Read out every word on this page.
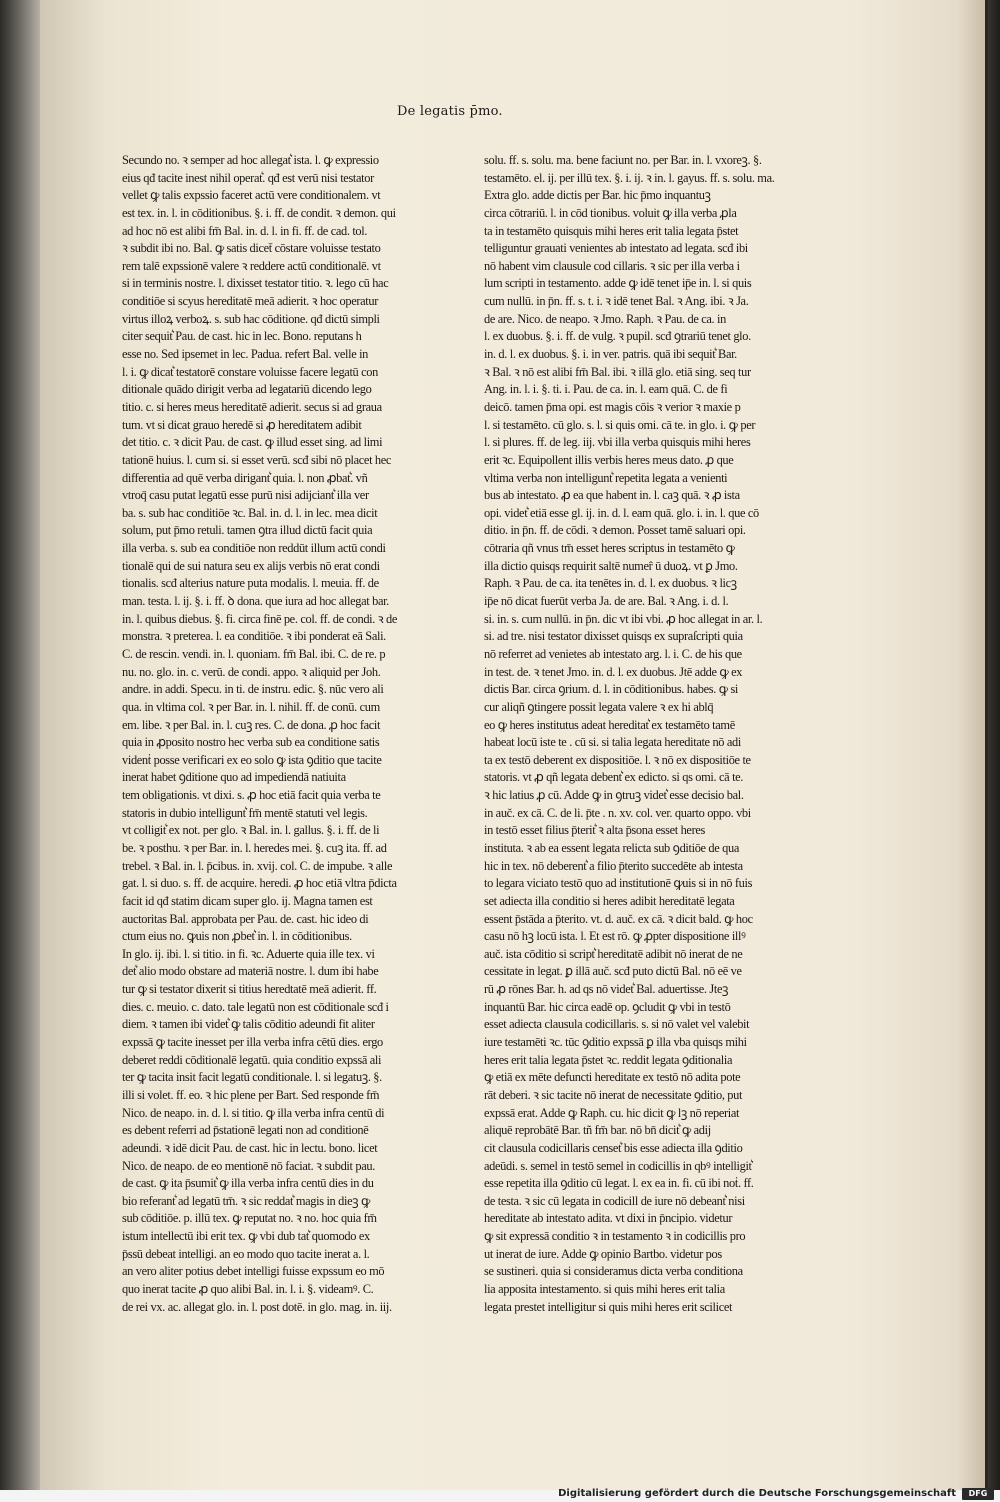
De legatis p̄mo.
Secundo no. ꝛ semper ad hoc allegat͛ ista. l. ꝙ expressio
eius qđ tacite inest nihil operat͛. qđ est verū nisi testator
vellet ꝙ talis expssio faceret actū vere conditionalem. vt
est tex. in. l. in cōditionibus. §. i. ff. de condit. ꝛ demon. qui
ad hoc nō est alibi fm̄ Bal. in. d. l. in fi. ff. de cad. tol.
ꝛ subdit ibi no. Bal. ꝙ satis dicet̄ cōstare voluisse testato
rem talē expssionē valere ꝛ reddere actū conditionalē. vt
si in terminis nostre. l. dixisset testator titio. ꝛ. lego cū hac
conditiōe si scyus hereditatē meā adierit. ꝛ hoc operatur
virtus illoꝝ verboꝝ. s. sub hac cōditione. qđ dictū simpli
citer sequit͛ Pau. de cast. hic in lec. Bono. reputans h
esse no. Sed ipsemet in lec. Padua. refert Bal. velle in
l. i. ꝙ dicat͛ testatorē constare voluisse facere legatū con
ditionale quādo dirigit verba ad legatariū dicendo lego
titio. c. si heres meus hereditatē adierit. secus si ad graua
tum. vt si dicat grauo heredē si ꝓ hereditatem adibit
det titio. c. ꝛ dicit Pau. de cast. ꝙ illud esset sing. ad limi
tationē huius. l. cum si. si esset verū. scđ sibi nō placet hec
differentia ad quē verba dirigant͛ quia. l. non ꝓbat͛. vñ
vtroq̄ casu putat legatū esse purū nisi adijciant͛ illa ver
ba. s. sub hac conditiōe ꝛc. Bal. in. d. l. in lec. mea dicit
solum, put p̄mo retuli. tamen ꝯtra illud dictū facit quia
illa verba. s. sub ea conditiōe non reddūt illum actū condi
tionalē qui de sui natura seu ex alijs verbis nō erat condi
tionalis. scđ alterius nature puta modalis. l. meuia. ff. de
man. testa. l. ij. §. i. ff. ꝺ dona. que iura ad hoc allegat bar.
in. l. quibus diebus. §. fi. circa finē pe. col. ff. de condi. ꝛ de
monstra. ꝛ preterea. l. ea conditiōe. ꝛ ibi ponderat eā Sali.
C. de rescin. vendi. in. l. quoniam. fm̄ Bal. ibi. C. de re. p
nu. no. glo. in. c. verū. de condi. appo. ꝛ aliquid per Joh.
andre. in addi. Specu. in ti. de instru. edic. §. nūc vero ali
qua. in vltima col. ꝛ per Bar. in. l. nihil. ff. de conū. cum
em. libe. ꝛ per Bal. in. l. cuꝫ res. C. de dona. ꝓ hoc facit
quia in ꝓposito nostro hec verba sub ea conditione satis
videnṫ posse verificari ex eo solo ꝙ ista ꝯditio que tacite
inerat habet ꝯditione quo ad impediendā natiuita
tem obligationis. vt dixi. s. ꝓ hoc etiā facit quia verba te
statoris in dubio intelligunt͛ fm̄ mentē statuti vel legis.
vt colligit͛ ex not. per glo. ꝛ Bal. in. l. gallus. §. i. ff. de li
be. ꝛ posthu. ꝛ per Bar. in. l. heredes mei. §. cuꝫ ita. ff. ad
trebel. ꝛ Bal. in. l. p̄cibus. in. xvij. col. C. de impube. ꝛ alle
gat. l. si duo. s. ff. de acquire. heredi. ꝓ hoc etiā vltra p̄dicta
facit id qđ statim dicam super glo. ij. Magna tamen est
auctoritas Bal. approbata per Pau. de. cast. hic ideo di
ctum eius no. ꝙuis non ꝓbet͛ in. l. in cōditionibus.
In glo. ij. ibi. l. si titio. in fi. ꝛc. Aduerte quia ille tex. vi
det͛ alio modo obstare ad materiā nostre. l. dum ibi habe
tur ꝙ si testator dixerit si titius heredtatē meā adierit. ff.
dies. c. meuio. c. dato. tale legatū non est cōditionale scđ i
diem. ꝛ tamen ibi videt͛ ꝙ talis cōditio adeundi fit aliter
expssā ꝙ tacite inesset per illa verba infra cētū dies. ergo
deberet reddi cōditionalē legatū. quia conditio expssā ali
ter ꝙ tacita insit facit legatū conditionale. l. si legatuꝫ. §.
illi si volet. ff. eo. ꝛ hic plene per Bart. Sed responde fm̄
Nico. de neapo. in. d. l. si titio. ꝙ illa verba infra centū di
es debent referri ad p̄stationē legati non ad conditionē
adeundi. ꝛ idē dicit Pau. de cast. hic in lectu. bono. licet
Nico. de neapo. de eo mentionē nō faciat. ꝛ subdit pau.
de cast. ꝙ ita p̄sumit͛ ꝙ illa verba infra centū dies in du
bio referant͛ ad legatū tm̄. ꝛ sic reddat͛ magis in dieꝫ ꝙ
sub cōditiōe. p. illū tex. ꝙ reputat no. ꝛ no. hoc quia fm̄
istum intellectū ibi erit tex. ꝙ vbi dub tat͛ quomodo ex
p̄ssū debeat intelligi. an eo modo quo tacite inerat a. l.
an vero aliter potius debet intelligi fuisse expssum eo mō
quo inerat tacite ꝓ quo alibi Bal. in. l. i. §. videamꝰ. C.
de rei vx. ac. allegat glo. in. l. post dotē. in glo. mag. in. iij.
solu. ff. s. solu. ma. bene faciunt no. per Bar. in. l. vxoreꝫ. §.
testamēto. el. ij. per illū tex. §. i. ij. ꝛ in. l. gayus. ff. s. solu. ma.
Extra glo. adde dictis per Bar. hic p̄mo inquantuꝫ
circa cōtrariū. l. in cōd tionibus. voluit ꝙ illa verba ꝓla
ta in testamēto quisquis mihi heres erit talia legata p̄stet
telliguntur grauati venientes ab intestato ad legata. scđ ibi
nō habent vim clausule cod cillaris. ꝛ sic per illa verba i
lum scripti in testamento. adde ꝙ idē tenet ip̄e in. l. si quis
cum nullū. in p̄n. ff. s. t. i. ꝛ idē tenet Bal. ꝛ Ang. ibi. ꝛ Ja.
de are. Nico. de neapo. ꝛ Jmo. Raph. ꝛ Pau. de ca. in
l. ex duobus. §. i. ff. de vulg. ꝛ pupil. scđ ꝯtrariū tenet glo.
in. d. l. ex duobus. §. i. in ver. patris. quā ibi sequit͛ Bar.
ꝛ Bal. ꝛ nō est alibi fm̄ Bal. ibi. ꝛ illā glo. etiā sing. seq tur
Ang. in. l. i. §. ti. i. Pau. de ca. in. l. eam quā. C. de fi
deicō. tamen p̄ma opi. est magis cōis ꝛ verior ꝛ maxie p
l. si testamēto. cū glo. s. l. si quis omi. cā te. in glo. i. ꝙ per
l. si plures. ff. de leg. iij. vbi illa verba quisquis mihi heres
erit ꝛc. Equipollent illis verbis heres meus dato. ꝓ que
vltima verba non intelligunt͛ repetita legata a venienti
bus ab intestato. ꝓ ea que habent in. l. caꝫ quā. ꝛ ꝓ ista
opi. videt͛ etiā esse gl. ij. in. d. l. eam quā. glo. i. in. l. que cō
ditio. in p̄n. ff. de cōdi. ꝛ demon. Posset tamē saluari opi.
cōtraria qñ vnus tm̄ esset heres scriptus in testamēto ꝙ
illa dictio quisqs requirit saltē numeȓ ū duoꝝ. vt ꝑ Jmo.
Raph. ꝛ Pau. de ca. ita tenētes in. d. l. ex duobus. ꝛ licꝫ
ip̄e nō dicat fuerūt verba Ja. de are. Bal. ꝛ Ang. i. d. l.
si. in. s. cum nullū. in p̄n. dic vt ibi vbi. ꝓ hoc allegat in ar. l.
si. ad tre. nisi testator dixisset quisqs ex supraſcripti quia
nō referret ad venietes ab intestato arg. l. i. C. de his que
in test. de. ꝛ tenet Jmo. in. d. l. ex duobus. Jtē adde ꝙ ex
dictis Bar. circa ꝯrium. d. l. in cōditionibus. habes. ꝙ si
cur aliqñ ꝯtingere possit legata valere ꝛ ex hi ablq̄
eo ꝙ heres institutus adeat hereditat͛ ex testamēto tamē
habeat locū iste te . cū si. si talia legata hereditate nō adi
ta ex testō deberent ex dispositiōe. l. ꝛ nō ex dispositiōe te
statoris. vt ꝓ qñ legata debent͛ ex edicto. si qs omi. cā te.
ꝛ hic latius ꝓ cū. Adde ꝙ in ꝯtruꝫ videt͛ esse decisio bal.
in auč. ex cā. C. de li. p̄te . n. xv. col. ver. quarto oppo. vbi
in testō esset filius p̄terit͛ ꝛ alta p̄sona esset heres
instituta. ꝛ ab ea essent legata relicta sub ꝯditiōe de qua
hic in tex. nō deberent͛ a filio p̄terito succedēte ab intesta
to legara viciato testō quo ad institutionē ꝙuis si in nō fuis
set adiecta illa conditio si heres adibit hereditatē legata
essent p̄stāda a p̄terito. vt. d. auč. ex cā. ꝛ dicit bald. ꝙ hoc
casu nō hꝫ locū ista. l. Et est rō. ꝙ ꝓpter dispositione illꝰ
auč. ista cōditio si script͛ hereditatē adibit nō inerat de ne
cessitate in legat. ꝑ illā auč. scđ puto dictū Bal. nō eē ve
rū ꝓ rōnes Bar. h. ad qs nō videt͛ Bal. aduertisse. Jteꝫ
inquantū Bar. hic circa eadē op. ꝯcludit ꝙ vbi in testō
esset adiecta clausula codicillaris. s. si nō valet vel valebit
iure testamēti ꝛc. tūc ꝯditio expssā ꝑ illa vba quisqs mihi
heres erit talia legata p̄stet ꝛc. reddit legata ꝯditionalia
ꝙ etiā ex mēte defuncti hereditate ex testō nō adita pote
rāt deberi. ꝛ sic tacite nō inerat de necessitate ꝯditio, put
expssā erat. Adde ꝙ Raph. cu. hic dicit ꝙ lꝫ nō reperiat
aliquē reprobātē Bar. tñ fm̄ bar. nō bn̄ dicit͛ ꝙ adij
cit clausula codicillaris censet͛ bis esse adiecta illa ꝯditio
adeūdi. s. semel in testō semel in codicillis in qbꝰ intelligit͛
esse repetita illa ꝯditio cū legat. l. ex ea in. fi. cū ibi noṫ. ff.
de testa. ꝛ sic cū legata in codicill de iure nō debeant͛ nisi
hereditate ab intestato adita. vt dixi in p̄ncipio. videtur
ꝙ sit expressā conditio ꝛ in testamento ꝛ in codicillis pro
ut inerat de iure. Adde ꝙ opinio Bartbo. videtur pos
se sustineri. quia si consideramus dicta verba conditiona
lia apposita intestamento. si quis mihi heres erit talia
legata prestet intelligitur si quis mihi heres erit scilicet
Digitalisierung gefördert durch die Deutsche Forschungsgemeinschaft	DFG
